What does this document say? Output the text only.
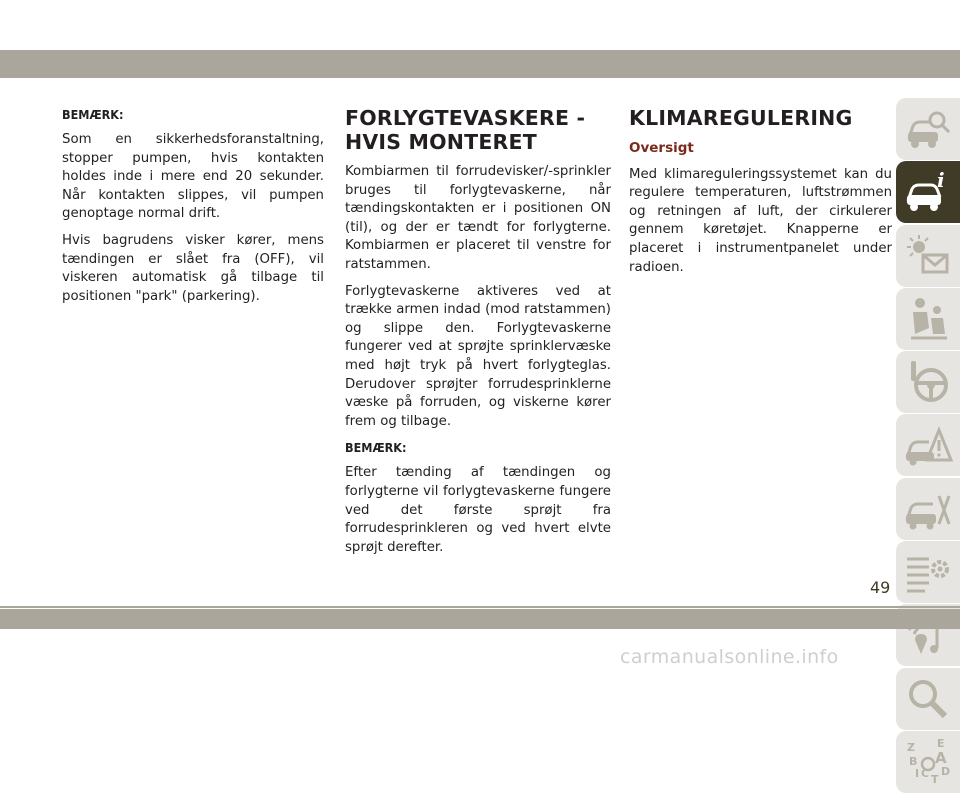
BEMÆRK:

Som en sikkerhedsforanstaltning, stopper pumpen, hvis kontakten holdes inde i mere end 20 sekunder. Når kontakten slippes, vil pumpen genoptage normal drift.

Hvis bagrudens visker kører, mens tændingen er slået fra (OFF), vil viskeren automatisk gå tilbage til positionen "park" (parkering).

FORLYGTEVASKERE - HVIS MONTERET

Kombiarmen til forrudevisker/-sprinkler bruges til forlygtevaskerne, når tændingskontakten er i positionen ON (til), og der er tændt for forlygterne. Kombiarmen er placeret til venstre for ratstammen.

Forlygtevaskerne aktiveres ved at trække armen indad (mod ratstammen) og slippe den. Forlygtevaskerne fungerer ved at sprøjte sprinklervæske med højt tryk på hvert forlygteglas. Derudover sprøjter forrudesprinklerne væske på forruden, og viskerne kører frem og tilbage.

BEMÆRK:

Efter tænding af tændingen og forlygterne vil forlygtevaskerne fungere ved det første sprøjt fra forrudesprinkleren og ved hvert elvte sprøjt derefter.

KLIMAREGULERING
Oversigt

Med klimareguleringssystemet kan du regulere temperaturen, luftstrømmen og retningen af luft, der cirkulerer gennem køretøjet. Knapperne er placeret i instrumentpanelet under radioen.

i
Z E
B A
I C T
D
49
carmanualsonline.info
